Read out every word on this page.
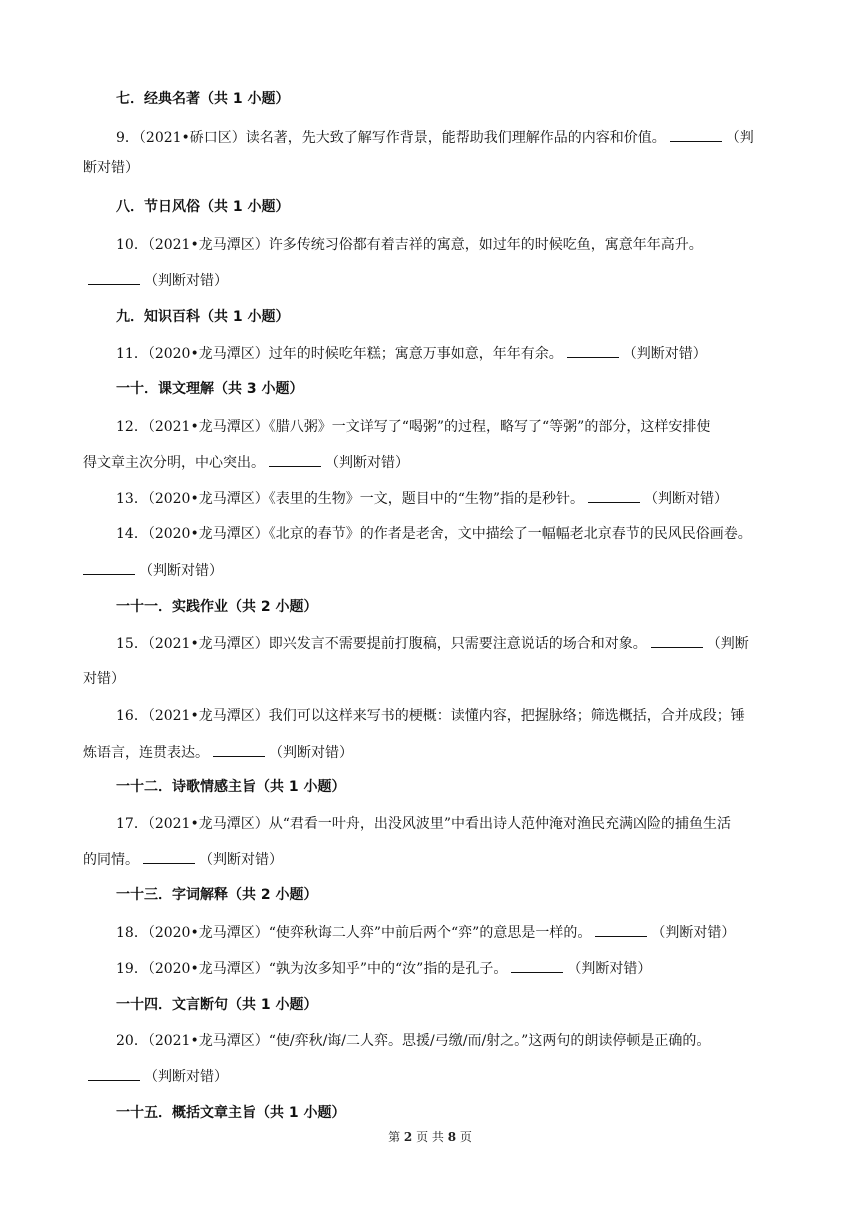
七．经典名著（共 1 小题）
9．（2021•硚口区）读名著，先大致了解写作背景，能帮助我们理解作品的内容和价值。	（判
断对错）
八．节日风俗（共 1 小题）
10．（2021•龙马潭区）许多传统习俗都有着吉祥的寓意，如过年的时候吃鱼，寓意年年高升。
（判断对错）
九．知识百科（共 1 小题）
11．（2020•龙马潭区）过年的时候吃年糕；寓意万事如意，年年有余。	（判断对错）
一十．课文理解（共 3 小题）
12．（2021•龙马潭区）《腊八粥》一文详写了“喝粥”的过程，略写了“等粥”的部分，这样安排使
得文章主次分明，中心突出。	（判断对错）
13．（2020•龙马潭区）《表里的生物》一文，题目中的“生物”指的是秒针。	（判断对错）
14．（2020•龙马潭区）《北京的春节》的作者是老舍，文中描绘了一幅幅老北京春节的民风民俗画卷。
（判断对错）
一十一．实践作业（共 2 小题）
15．（2021•龙马潭区）即兴发言不需要提前打腹稿，只需要注意说话的场合和对象。	（判断
对错）
16．（2021•龙马潭区）我们可以这样来写书的梗概：读懂内容，把握脉络；筛选概括，合并成段；锤
炼语言，连贯表达。	（判断对错）
一十二．诗歌情感主旨（共 1 小题）
17．（2021•龙马潭区）从“君看一叶舟，出没风波里”中看出诗人范仲淹对渔民充满凶险的捕鱼生活
的同情。	（判断对错）
一十三．字词解释（共 2 小题）
18．（2020•龙马潭区）“使弈秋诲二人弈”中前后两个“弈”的意思是一样的。	（判断对错）
19．（2020•龙马潭区）“孰为汝多知乎”中的“汝”指的是孔子。	（判断对错）
一十四．文言断句（共 1 小题）
20．（2021•龙马潭区）“使/弈秋/诲/二人弈。思援/弓缴/而/射之。”这两句的朗读停顿是正确的。
（判断对错）
一十五．概括文章主旨（共 1 小题）
第 2 页 共 8 页
